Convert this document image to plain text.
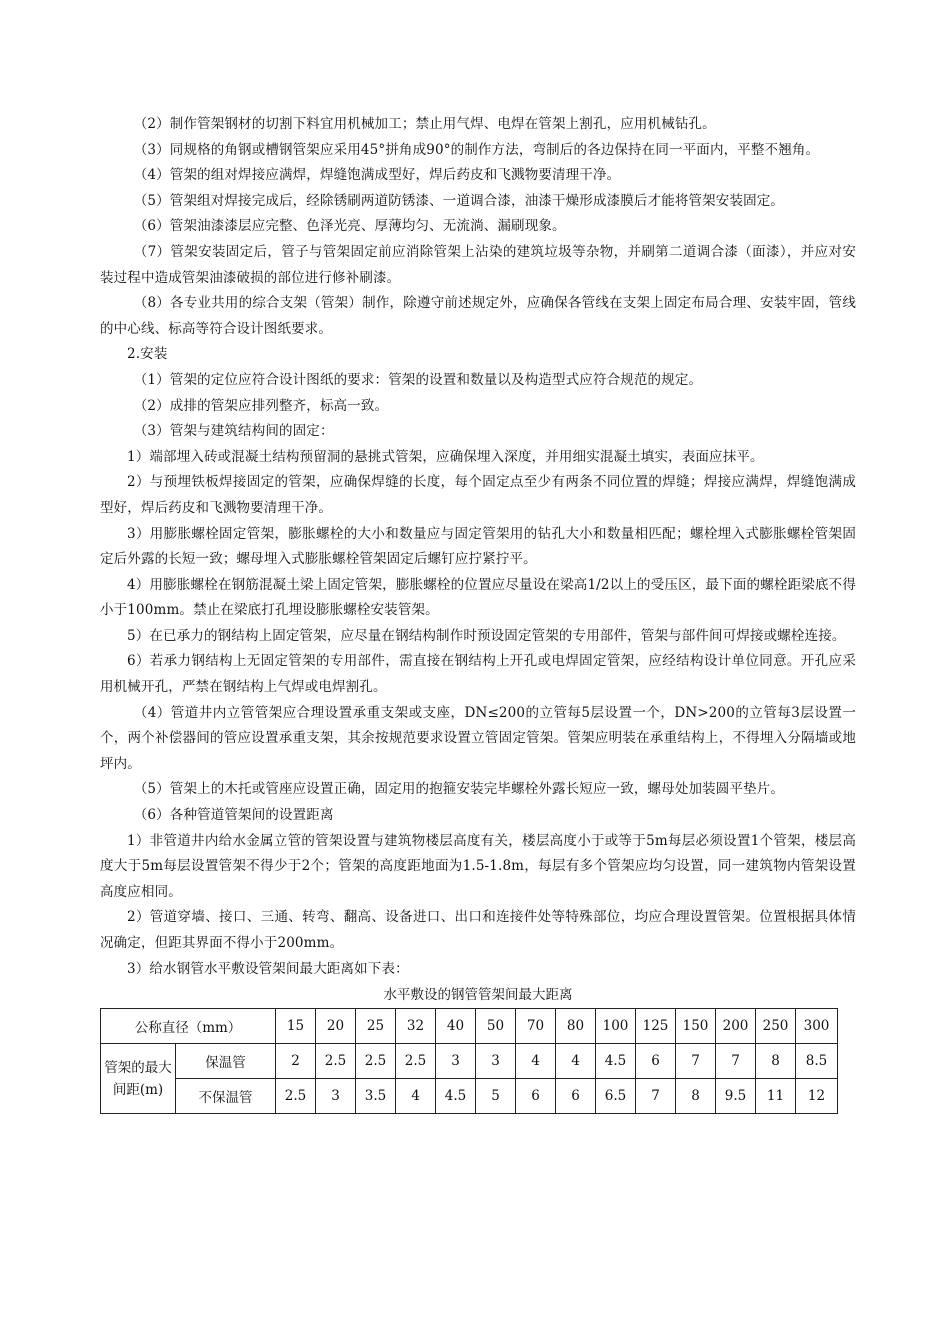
（2）制作管架钢材的切割下料宜用机械加工；禁止用气焊、电焊在管架上割孔，应用机械钻孔。

（3）同规格的角钢或槽钢管架应采用45°拼角成90°的制作方法，弯制后的各边保持在同一平面内，平整不翘角。

（4）管架的组对焊接应满焊，焊缝饱满成型好，焊后药皮和飞溅物要清理干净。

（5）管架组对焊接完成后，经除锈刷两道防锈漆、一道调合漆，油漆干燥形成漆膜后才能将管架安装固定。

（6）管架油漆漆层应完整、色泽光亮、厚薄均匀、无流淌、漏刷现象。

（7）管架安装固定后，管子与管架固定前应消除管架上沾染的建筑垃圾等杂物，并刷第二道调合漆（面漆），并应对安装过程中造成管架油漆破损的部位进行修补刷漆。

（8）各专业共用的综合支架（管架）制作，除遵守前述规定外，应确保各管线在支架上固定布局合理、安装牢固，管线的中心线、标高等符合设计图纸要求。

2.安装

（1）管架的定位应符合设计图纸的要求：管架的设置和数量以及构造型式应符合规范的规定。

（2）成排的管架应排列整齐，标高一致。

（3）管架与建筑结构间的固定：

1）端部埋入砖或混凝土结构预留洞的悬挑式管架，应确保埋入深度，并用细实混凝土填实，表面应抹平。

2）与预埋铁板焊接固定的管架，应确保焊缝的长度，每个固定点至少有两条不同位置的焊缝；焊接应满焊，焊缝饱满成型好，焊后药皮和飞溅物要清理干净。

3）用膨胀螺栓固定管架，膨胀螺栓的大小和数量应与固定管架用的钻孔大小和数量相匹配；螺栓埋入式膨胀螺栓管架固定后外露的长短一致；螺母埋入式膨胀螺栓管架固定后螺钉应拧紧拧平。

4）用膨胀螺栓在钢筋混凝土梁上固定管架，膨胀螺栓的位置应尽量设在梁高1/2以上的受压区，最下面的螺栓距梁底不得小于100mm。禁止在梁底打孔埋设膨胀螺栓安装管架。

5）在已承力的钢结构上固定管架，应尽量在钢结构制作时预设固定管架的专用部件，管架与部件间可焊接或螺栓连接。

6）若承力钢结构上无固定管架的专用部件，需直接在钢结构上开孔或电焊固定管架，应经结构设计单位同意。开孔应采用机械开孔，严禁在钢结构上气焊或电焊割孔。

（4）管道井内立管管架应合理设置承重支架或支座，DN≤200的立管每5层设置一个，DN>200的立管每3层设置一个，两个补偿器间的管应设置承重支架，其余按规范要求设置立管固定管架。管架应明装在承重结构上，不得埋入分隔墙或地坪内。

（5）管架上的木托或管座应设置正确，固定用的抱箍安装完毕螺栓外露长短应一致，螺母处加装圆平垫片。

（6）各种管道管架间的设置距离

1）非管道井内给水金属立管的管架设置与建筑物楼层高度有关，楼层高度小于或等于5m每层必须设置1个管架，楼层高度大于5m每层设置管架不得少于2个；管架的高度距地面为1.5-1.8m，每层有多个管架应均匀设置，同一建筑物内管架设置高度应相同。

2）管道穿墙、接口、三通、转弯、翻高、设备进口、出口和连接件处等特殊部位，均应合理设置管架。位置根据具体情况确定，但距其界面不得小于200mm。

3）给水钢管水平敷设管架间最大距离如下表：

水平敷设的钢管管架间最大距离
公称直径（mm）		15	20	25	32	40	50	70	80	100	125	150	200	250	300
管架的最大
间距(m)	保温管	2	2.5	2.5	2.5	3	3	4	4	4.5	6	7	7	8	8.5
	不保温管	2.5	3	3.5	4	4.5	5	6	6	6.5	7	8	9.5	11	12
